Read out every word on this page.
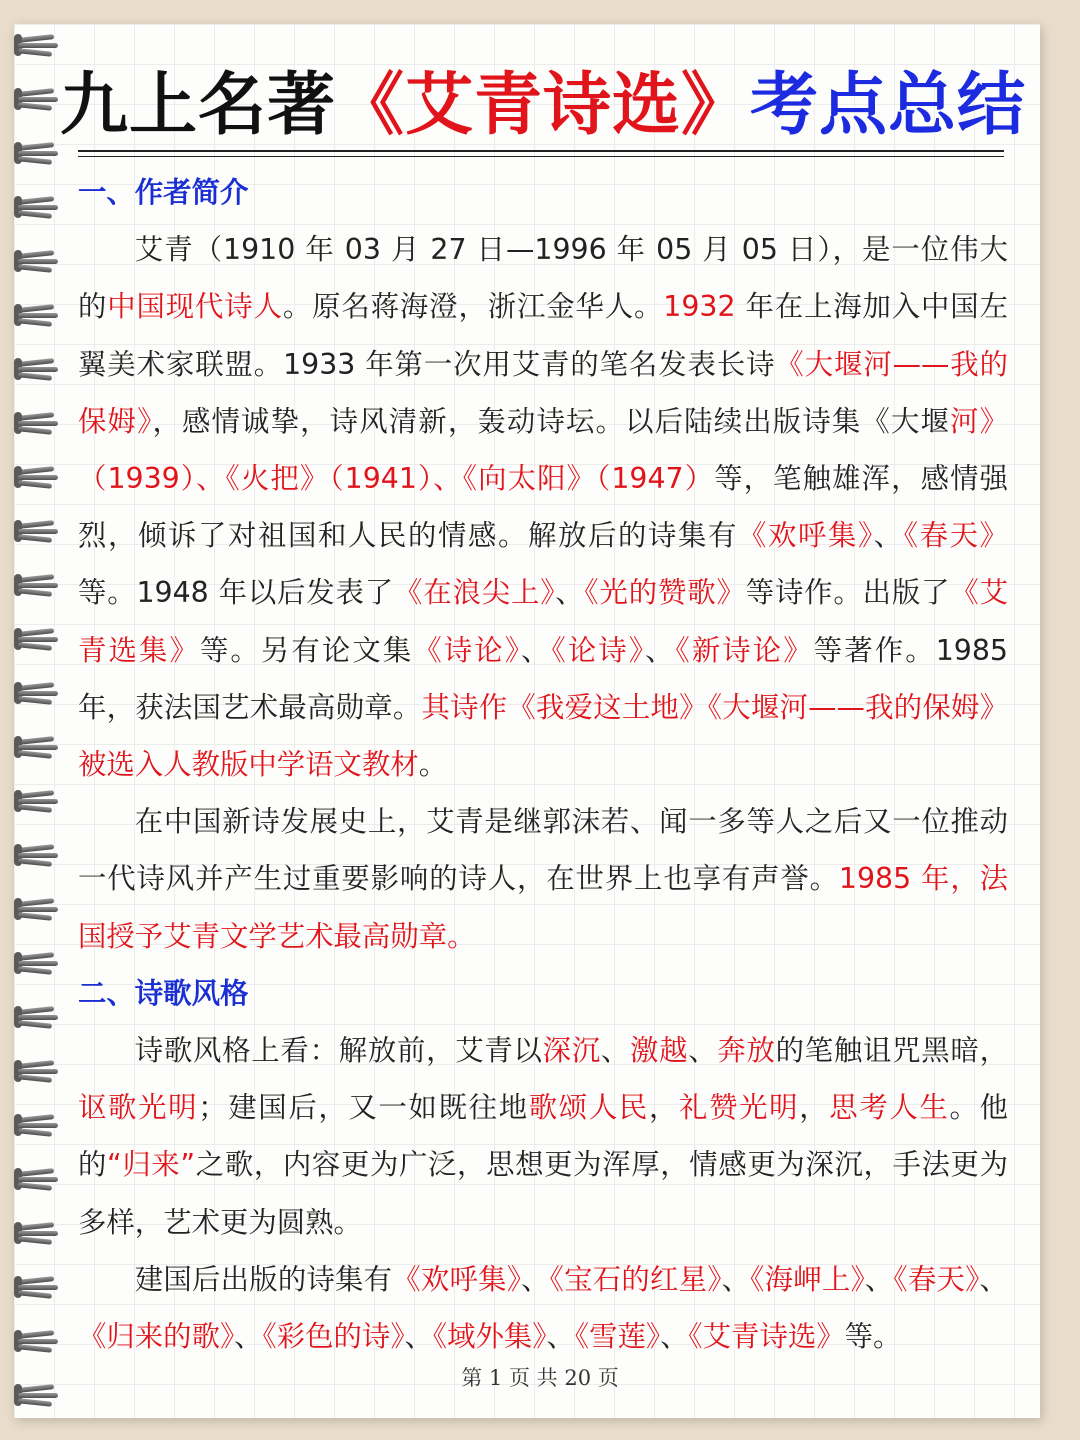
九上名著 《艾青诗选》 考点总结

一、作者简介

艾青（1910 年 03 月 27 日—1996 年 05 月 05 日），是一位伟大的中国现代诗人。原名蒋海澄，浙江金华人。1932 年在上海加入中国左翼美术家联盟。1933 年第一次用艾青的笔名发表长诗《大堰河——我的保姆》，感情诚挚，诗风清新，轰动诗坛。以后陆续出版诗集《大堰河》（1939）、《火把》（1941）、《向太阳》（1947）等，笔触雄浑，感情强烈，倾诉了对祖国和人民的情感。解放后的诗集有《欢呼集》、《春天》等。1948 年以后发表了《在浪尖上》、《光的赞歌》等诗作。出版了《艾青选集》等。另有论文集《诗论》、《论诗》、《新诗论》等著作。1985 年，获法国艺术最高勋章。其诗作《我爱这土地》《大堰河——我的保姆》被选入人教版中学语文教材。

在中国新诗发展史上，艾青是继郭沫若、闻一多等人之后又一位推动一代诗风并产生过重要影响的诗人，在世界上也享有声誉。1985 年，法国授予艾青文学艺术最高勋章。

二、诗歌风格

诗歌风格上看：解放前，艾青以深沉、激越、奔放的笔触诅咒黑暗，讴歌光明；建国后，又一如既往地歌颂人民，礼赞光明，思考人生。他的“归来”之歌，内容更为广泛，思想更为浑厚，情感更为深沉，手法更为多样，艺术更为圆熟。

建国后出版的诗集有《欢呼集》、《宝石的红星》、《海岬上》、《春天》、《归来的歌》、《彩色的诗》、《域外集》、《雪莲》、《艾青诗选》等。

第 1 页 共 20 页
